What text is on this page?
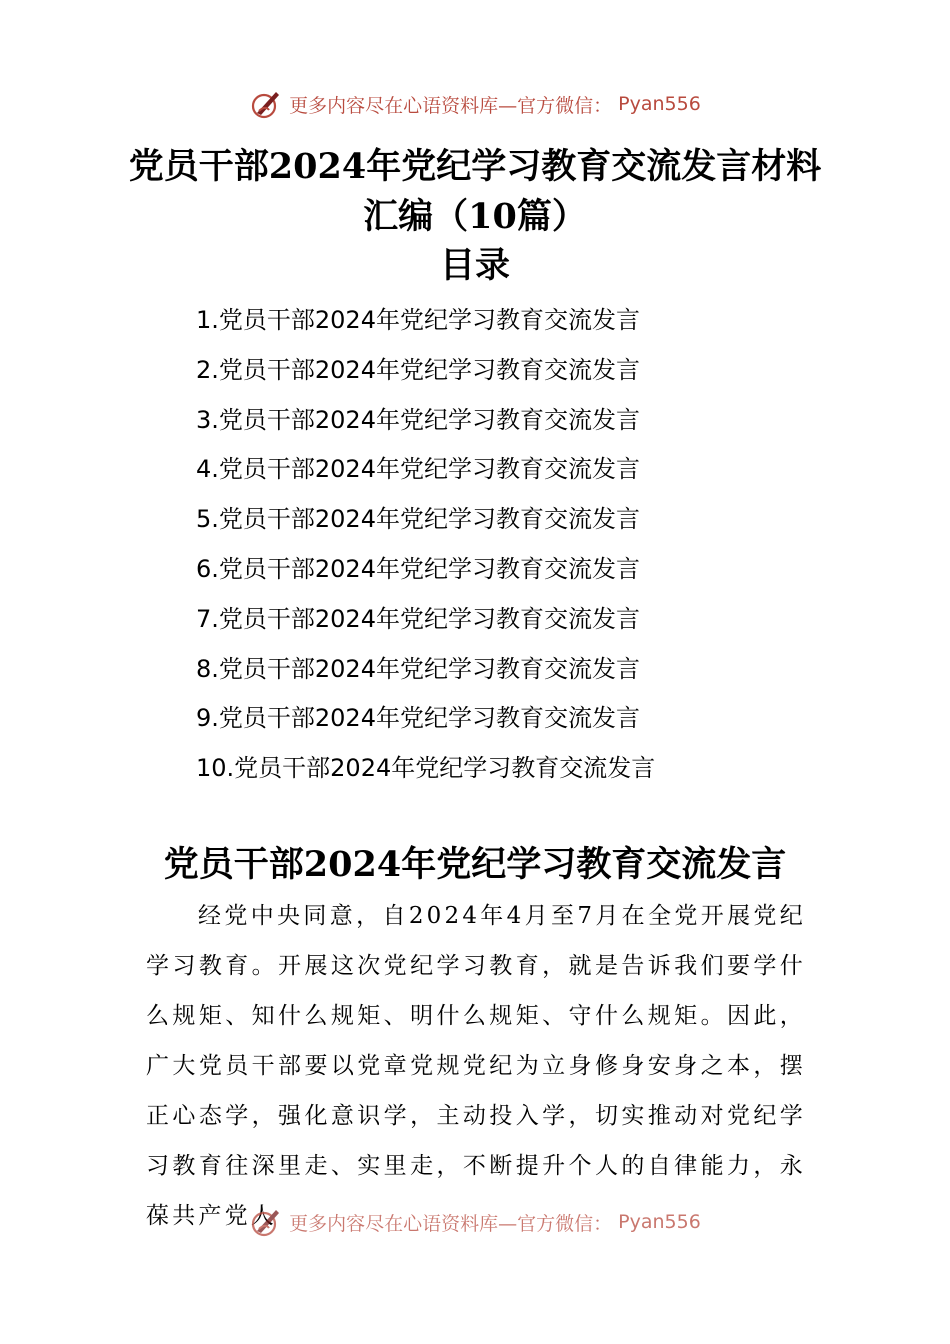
更多内容尽在心语资料库—官方微信： Pyan556
党员干部2024年党纪学习教育交流发言材料汇编（10篇）
目录
1.党员干部2024年党纪学习教育交流发言
2.党员干部2024年党纪学习教育交流发言
3.党员干部2024年党纪学习教育交流发言
4.党员干部2024年党纪学习教育交流发言
5.党员干部2024年党纪学习教育交流发言
6.党员干部2024年党纪学习教育交流发言
7.党员干部2024年党纪学习教育交流发言
8.党员干部2024年党纪学习教育交流发言
9.党员干部2024年党纪学习教育交流发言
10.党员干部2024年党纪学习教育交流发言
党员干部2024年党纪学习教育交流发言

经党中央同意，自2024年4月至7月在全党开展党纪学习教育。开展这次党纪学习教育，就是告诉我们要学什么规矩、知什么规矩、明什么规矩、守什么规矩。因此，广大党员干部要以党章党规党纪为立身修身安身之本，摆正心态学，强化意识学，主动投入学，切实推动对党纪学习教育往深里走、实里走，不断提升个人的自律能力，永葆共产党人 更多内容尽在心语资料库—官方微信： Pyan556
